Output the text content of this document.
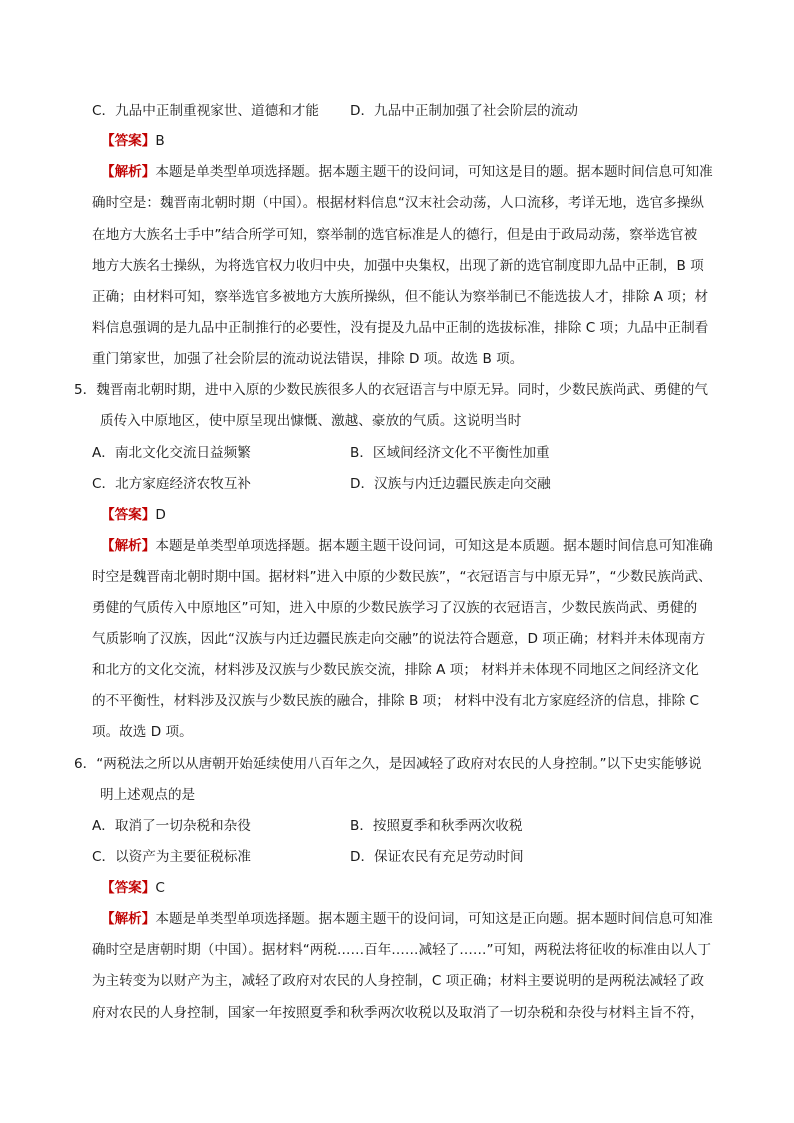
C．九品中正制重视家世、道德和才能 D．九品中正制加强了社会阶层的流动
【答案】B
【解析】本题是单类型单项选择题。据本题主题干的设问词，可知这是目的题。据本题时间信息可知准
确时空是：魏晋南北朝时期（中国）。根据材料信息“汉末社会动荡，人口流移，考详无地，选官多操纵
在地方大族名士手中”结合所学可知，察举制的选官标准是人的德行，但是由于政局动荡，察举选官被
地方大族名士操纵，为将选官权力收归中央，加强中央集权，出现了新的选官制度即九品中正制，B 项
正确；由材料可知，察举选官多被地方大族所操纵，但不能认为察举制已不能选拔人才，排除 A 项；材
料信息强调的是九品中正制推行的必要性，没有提及九品中正制的选拔标准，排除 C 项；九品中正制看
重门第家世，加强了社会阶层的流动说法错误，排除 D 项。故选 B 项。
5．魏晋南北朝时期，进中入原的少数民族很多人的衣冠语言与中原无异。同时，少数民族尚武、勇健的气
质传入中原地区，使中原呈现出慷慨、激越、豪放的气质。这说明当时
A．南北文化交流日益频繁	B．区域间经济文化不平衡性加重
C．北方家庭经济农牧互补	D．汉族与内迁边疆民族走向交融
【答案】D
【解析】本题是单类型单项选择题。据本题主题干设问词，可知这是本质题。据本题时间信息可知准确
时空是魏晋南北朝时期中国。据材料”进入中原的少数民族”，“衣冠语言与中原无异”，“少数民族尚武、
勇健的气质传入中原地区”可知，进入中原的少数民族学习了汉族的衣冠语言，少数民族尚武、勇健的
气质影响了汉族，因此“汉族与内迁边疆民族走向交融”的说法符合题意，D 项正确；材料并未体现南方
和北方的文化交流，材料涉及汉族与少数民族交流，排除 A 项； 材料并未体现不同地区之间经济文化
的不平衡性，材料涉及汉族与少数民族的融合，排除 B 项； 材料中没有北方家庭经济的信息，排除 C
项。故选 D 项。
6．“两税法之所以从唐朝开始延续使用八百年之久，是因减轻了政府对农民的人身控制。”以下史实能够说
明上述观点的是
A．取消了一切杂税和杂役	B．按照夏季和秋季两次收税
C．以资产为主要征税标准	D．保证农民有充足劳动时间
【答案】C
【解析】本题是单类型单项选择题。据本题主题干的设问词，可知这是正向题。据本题时间信息可知准
确时空是唐朝时期（中国）。据材料“两税……百年……减轻了……”可知，两税法将征收的标准由以人丁
为主转变为以财产为主，减轻了政府对农民的人身控制，C 项正确；材料主要说明的是两税法减轻了政
府对农民的人身控制，国家一年按照夏季和秋季两次收税以及取消了一切杂税和杂役与材料主旨不符，
